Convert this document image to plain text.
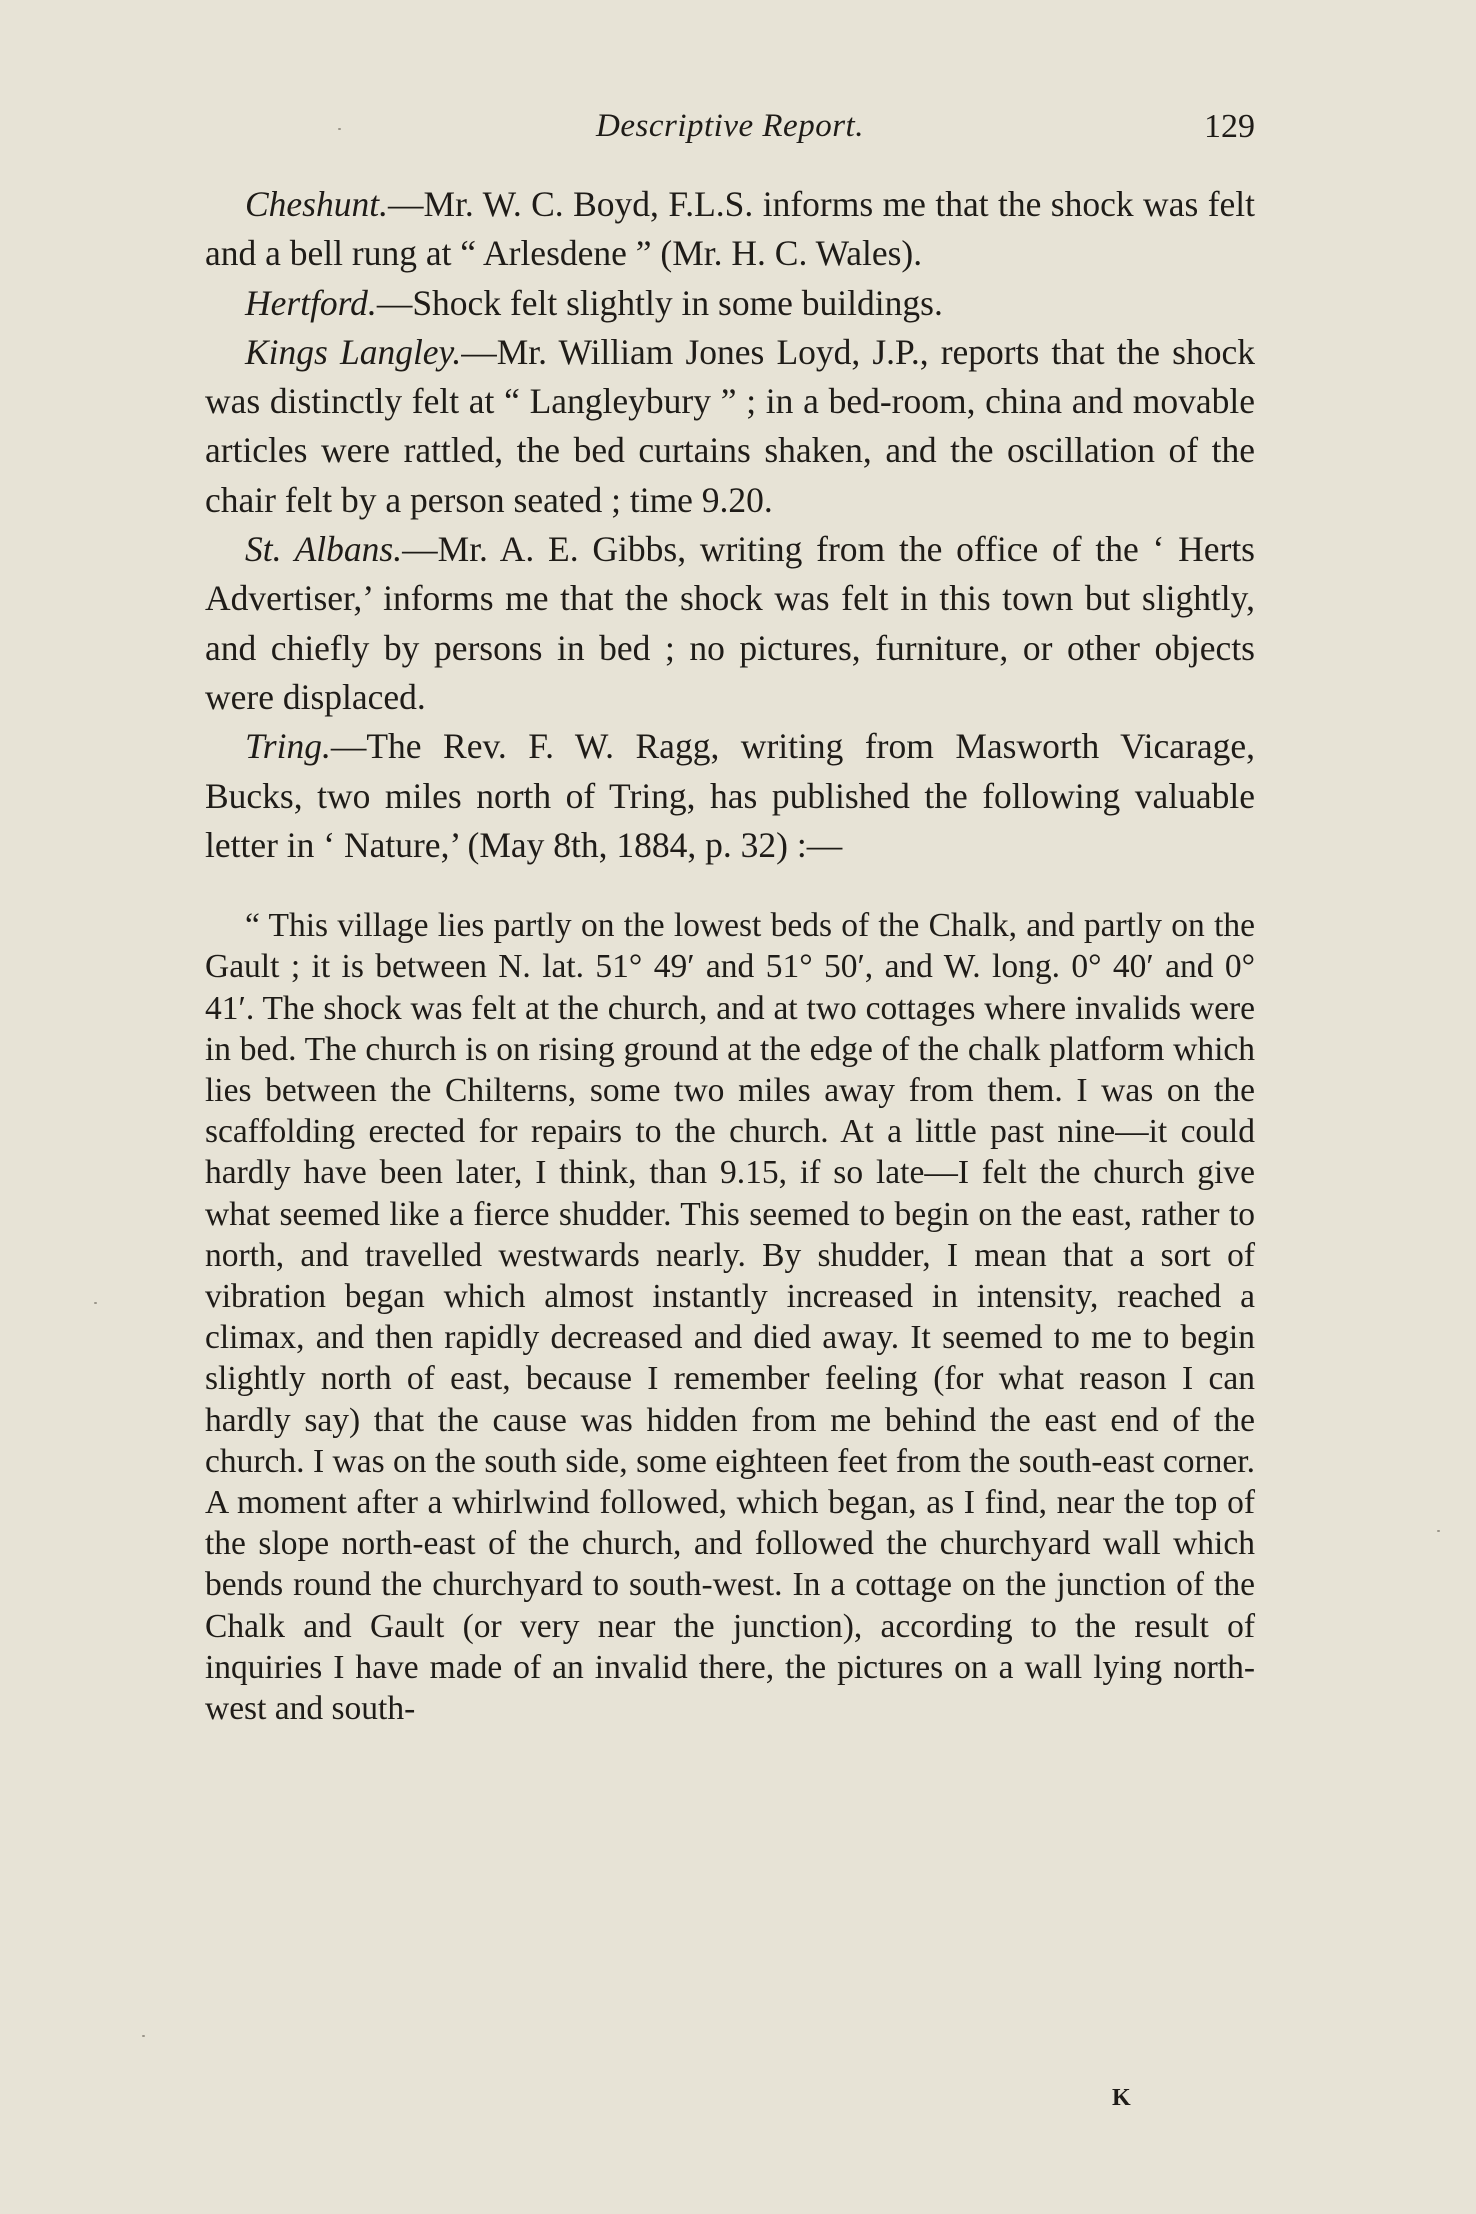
Descriptive Report.	129

Cheshunt.—Mr. W. C. Boyd, F.L.S. informs me that the shock was felt and a bell rung at “ Arlesdene ” (Mr. H. C. Wales).

Hertford.—Shock felt slightly in some buildings.

Kings Langley.—Mr. William Jones Loyd, J.P., reports that the shock was distinctly felt at “ Langleybury ” ; in a bed-room, china and movable articles were rattled, the bed curtains shaken, and the oscillation of the chair felt by a person seated ; time 9.20.

St. Albans.—Mr. A. E. Gibbs, writing from the office of the ‘ Herts Advertiser,’ informs me that the shock was felt in this town but slightly, and chiefly by persons in bed ; no pictures, furniture, or other objects were displaced.

Tring.—The Rev. F. W. Ragg, writing from Masworth Vicarage, Bucks, two miles north of Tring, has published the following valuable letter in ‘ Nature,’ (May 8th, 1884, p. 32) :—

“ This village lies partly on the lowest beds of the Chalk, and partly on the Gault ; it is between N. lat. 51° 49′ and 51° 50′, and W. long. 0° 40′ and 0° 41′. The shock was felt at the church, and at two cottages where invalids were in bed. The church is on rising ground at the edge of the chalk platform which lies between the Chilterns, some two miles away from them. I was on the scaffolding erected for repairs to the church. At a little past nine—it could hardly have been later, I think, than 9.15, if so late—I felt the church give what seemed like a fierce shudder. This seemed to begin on the east, rather to north, and travelled westwards nearly. By shudder, I mean that a sort of vibration began which almost instantly increased in intensity, reached a climax, and then rapidly decreased and died away. It seemed to me to begin slightly north of east, because I remember feeling (for what reason I can hardly say) that the cause was hidden from me behind the east end of the church. I was on the south side, some eighteen feet from the south-east corner. A moment after a whirlwind followed, which began, as I find, near the top of the slope north-east of the church, and followed the churchyard wall which bends round the churchyard to south-west. In a cottage on the junction of the Chalk and Gault (or very near the junction), according to the result of inquiries I have made of an invalid there, the pictures on a wall lying north-west and south-

K
